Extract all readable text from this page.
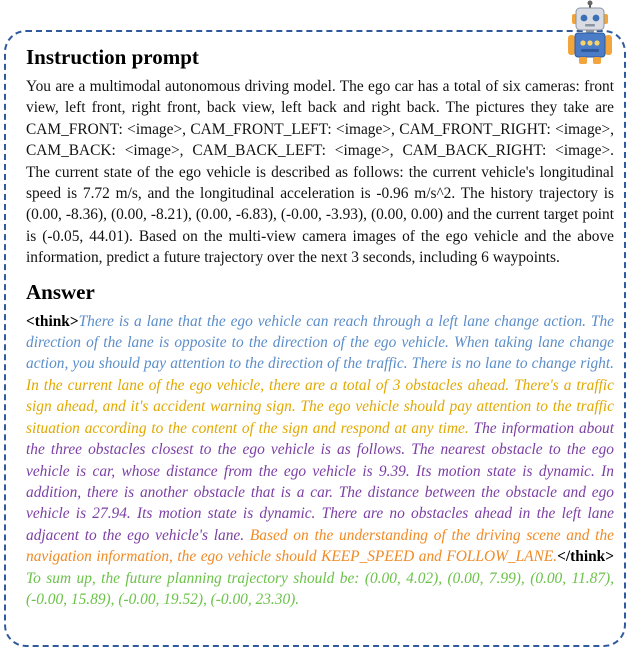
Instruction prompt

You are a multimodal autonomous driving model. The ego car has a total of six cameras: front view, left front, right front, back view, left back and right back. The pictures they take are CAM_FRONT: <image>, CAM_FRONT_LEFT: <image>, CAM_FRONT_RIGHT: <image>, CAM_BACK: <image>, CAM_BACK_LEFT: <image>, CAM_BACK_RIGHT: <image>. The current state of the ego vehicle is described as follows: the current vehicle's longitudinal speed is 7.72 m/s, and the longitudinal acceleration is -0.96 m/s^2. The history trajectory is (0.00, -8.36), (0.00, -8.21), (0.00, -6.83), (-0.00, -3.93), (0.00, 0.00) and the current target point is (-0.05, 44.01). Based on the multi-view camera images of the ego vehicle and the above information, predict a future trajectory over the next 3 seconds, including 6 waypoints.

Answer

<think>There is a lane that the ego vehicle can reach through a left lane change action. The direction of the lane is opposite to the direction of the ego vehicle. When taking lane change action, you should pay attention to the direction of the traffic. There is no lane to change right. In the current lane of the ego vehicle, there are a total of 3 obstacles ahead. There's a traffic sign ahead, and it's accident warning sign. The ego vehicle should pay attention to the traffic situation according to the content of the sign and respond at any time. The information about the three obstacles closest to the ego vehicle is as follows. The nearest obstacle to the ego vehicle is car, whose distance from the ego vehicle is 9.39. Its motion state is dynamic. In addition, there is another obstacle that is a car. The distance between the obstacle and ego vehicle is 27.94. Its motion state is dynamic. There are no obstacles ahead in the left lane adjacent to the ego vehicle's lane. Based on the understanding of the driving scene and the navigation information, the ego vehicle should KEEP_SPEED and FOLLOW_LANE.</think> To sum up, the future planning trajectory should be: (0.00, 4.02), (0.00, 7.99), (0.00, 11.87), (-0.00, 15.89), (-0.00, 19.52), (-0.00, 23.30).
